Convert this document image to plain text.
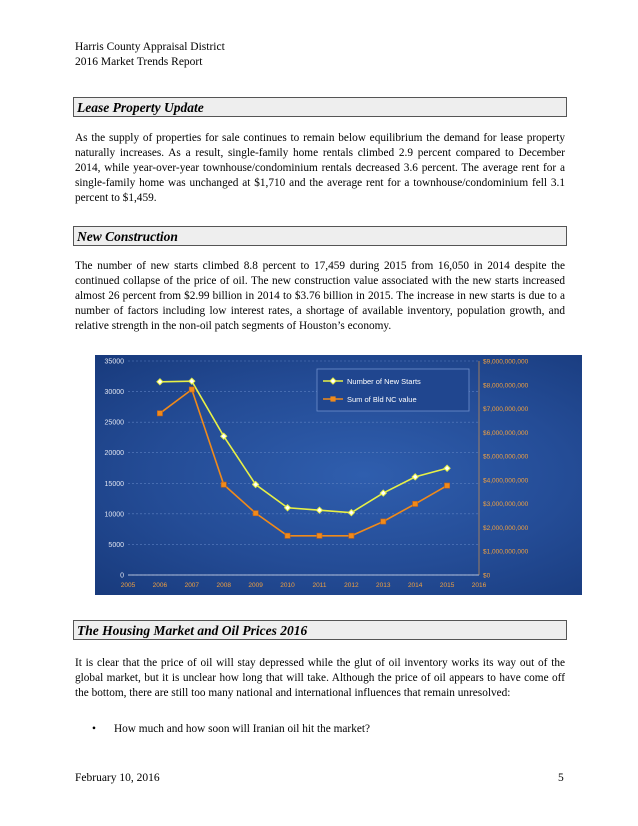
Harris County Appraisal District
2016 Market Trends Report
Lease Property Update

As the supply of properties for sale continues to remain below equilibrium the demand for lease property naturally increases. As a result, single-family home rentals climbed 2.9 percent compared to December 2014, while year-over-year townhouse/condominium rentals decreased 3.6 percent. The average rent for a single-family home was unchanged at $1,710 and the average rent for a townhouse/condominium fell 3.1 percent to $1,459.

New Construction

The number of new starts climbed 8.8 percent to 17,459 during 2015 from 16,050 in 2014 despite the continued collapse of the price of oil. The new construction value associated with the new starts increased almost 26 percent from $2.99 billion in 2014 to $3.76 billion in 2015. The increase in new starts is due to a number of factors including low interest rates, a shortage of available inventory, population growth, and relative strength in the non-oil patch segments of Houston’s economy.

0
5000
10000
15000
20000
25000
30000
35000
$0
$1,000,000,000
$2,000,000,000
$3,000,000,000
$4,000,000,000
$5,000,000,000
$6,000,000,000
$7,000,000,000
$8,000,000,000
$9,000,000,000
2005	2006	2007	2008	2009	2010	2011	2012	2013	2014	2015	2016
Number of New Starts
Sum of Bld NC value
The Housing Market and Oil Prices 2016

It is clear that the price of oil will stay depressed while the glut of oil inventory works its way out of the global market, but it is unclear how long that will take. Although the price of oil appears to have come off the bottom, there are still too many national and international influences that remain unresolved:

• How much and how soon will Iranian oil hit the market?
February 10, 2016	5
